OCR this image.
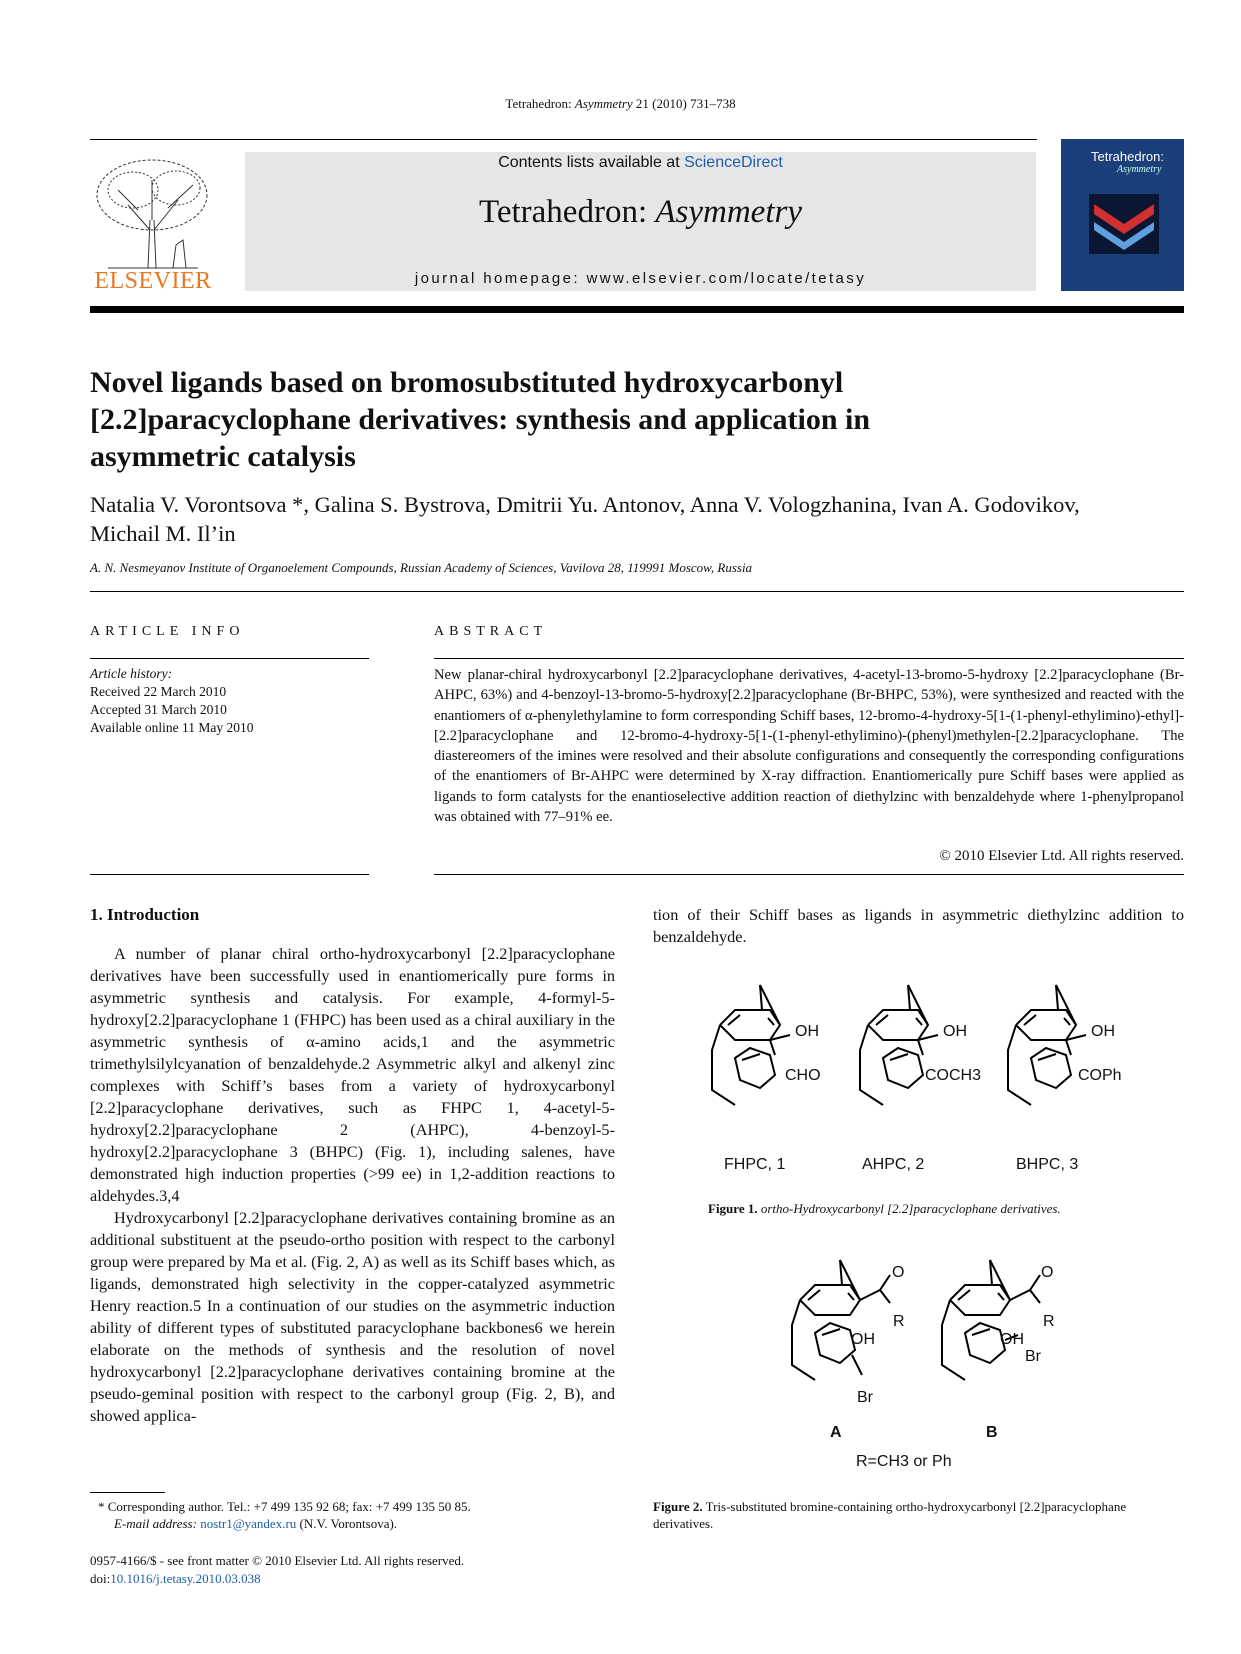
Tetrahedron: Asymmetry 21 (2010) 731–738
ELSEVIER
Contents lists available at ScienceDirect
Tetrahedron: Asymmetry
journal homepage: www.elsevier.com/locate/tetasy
Tetrahedron:
Asymmetry
Novel ligands based on bromosubstituted hydroxycarbonyl [2.2]paracyclophane derivatives: synthesis and application in asymmetric catalysis
Natalia V. Vorontsova *, Galina S. Bystrova, Dmitrii Yu. Antonov, Anna V. Vologzhanina, Ivan A. Godovikov,
Michail M. Il’in
A. N. Nesmeyanov Institute of Organoelement Compounds, Russian Academy of Sciences, Vavilova 28, 119991 Moscow, Russia
ARTICLE INFO
Article history:
Received 22 March 2010
Accepted 31 March 2010
Available online 11 May 2010
ABSTRACT
New planar-chiral hydroxycarbonyl [2.2]paracyclophane derivatives, 4-acetyl-13-bromo-5-hydroxy [2.2]paracyclophane (Br-AHPC, 63%) and 4-benzoyl-13-bromo-5-hydroxy[2.2]paracyclophane (Br-BHPC, 53%), were synthesized and reacted with the enantiomers of α-phenylethylamine to form corresponding Schiff bases, 12-bromo-4-hydroxy-5[1-(1-phenyl-ethylimino)-ethyl]-[2.2]paracyclophane and 12-bromo-4-hydroxy-5[1-(1-phenyl-ethylimino)-(phenyl)methylen-[2.2]paracyclophane. The diastereomers of the imines were resolved and their absolute configurations and consequently the corresponding configurations of the enantiomers of Br-AHPC were determined by X-ray diffraction. Enantiomerically pure Schiff bases were applied as ligands to form catalysts for the enantioselective addition reaction of diethylzinc with benzaldehyde where 1-phenylpropanol was obtained with 77–91% ee.
© 2010 Elsevier Ltd. All rights reserved.
1. Introduction

A number of planar chiral ortho-hydroxycarbonyl [2.2]paracyclophane derivatives have been successfully used in enantiomerically pure forms in asymmetric synthesis and catalysis. For example, 4-formyl-5-hydroxy[2.2]paracyclophane 1 (FHPC) has been used as a chiral auxiliary in the asymmetric synthesis of α-amino acids,1 and the asymmetric trimethylsilylcyanation of benzaldehyde.2 Asymmetric alkyl and alkenyl zinc complexes with Schiff’s bases from a variety of hydroxycarbonyl [2.2]paracyclophane derivatives, such as FHPC 1, 4-acetyl-5-hydroxy[2.2]paracyclophane 2 (AHPC), 4-benzoyl-5-hydroxy[2.2]paracyclophane 3 (BHPC) (Fig. 1), including salenes, have demonstrated high induction properties (>99 ee) in 1,2-addition reactions to aldehydes.3,4

Hydroxycarbonyl [2.2]paracyclophane derivatives containing bromine as an additional substituent at the pseudo-ortho position with respect to the carbonyl group were prepared by Ma et al. (Fig. 2, A) as well as its Schiff bases which, as ligands, demonstrated high selectivity in the copper-catalyzed asymmetric Henry reaction.5 In a continuation of our studies on the asymmetric induction ability of different types of substituted paracyclophane backbones6 we herein elaborate on the methods of synthesis and the resolution of novel hydroxycarbonyl [2.2]paracyclophane derivatives containing bromine at the pseudo-geminal position with respect to the carbonyl group (Fig. 2, B), and showed applica-

tion of their Schiff bases as ligands in asymmetric diethylzinc addition to benzaldehyde.

OH
CHO
OH
COCH3
OH
COPh
FHPC, 1	AHPC, 2	BHPC, 3
Figure 1. ortho-Hydroxycarbonyl [2.2]paracyclophane derivatives.
O
R
OH
Br
O
R
OH
Br
A	B
R=CH3 or Ph
Figure 2. Tris-substituted bromine-containing ortho-hydroxycarbonyl [2.2]paracyclophane derivatives.
* Corresponding author. Tel.: +7 499 135 92 68; fax: +7 499 135 50 85.
E-mail address: nostr1@yandex.ru (N.V. Vorontsova).
0957-4166/$ - see front matter © 2010 Elsevier Ltd. All rights reserved.
doi:10.1016/j.tetasy.2010.03.038
